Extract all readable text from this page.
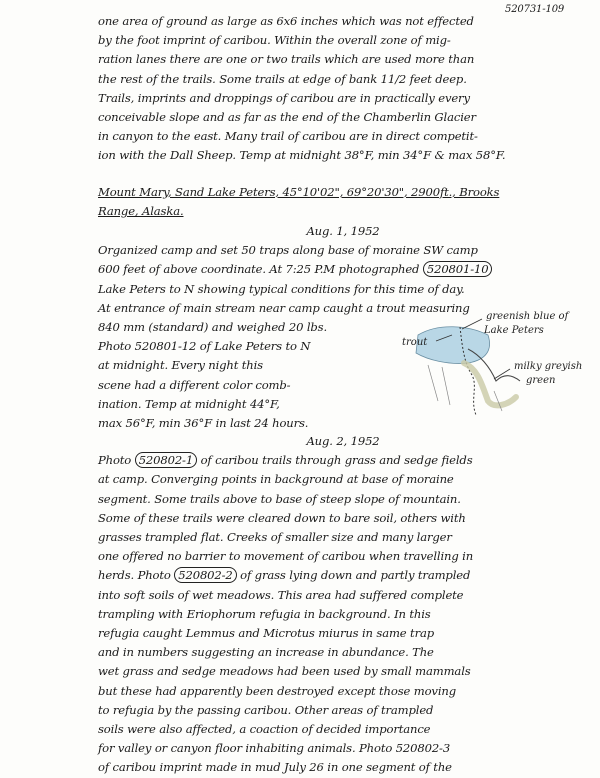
520731-109
one area of ground as large as 6x6 inches which was not effected
by the foot imprint of caribou. Within the overall zone of mig-
ration lanes there are one or two trails which are used more than
the rest of the trails. Some trails at edge of bank 11/2 feet deep.
Trails, imprints and droppings of caribou are in practically every
conceivable slope and as far as the end of the Chamberlin Glacier
in canyon to the east. Many trail of caribou are in direct competit-
ion with the Dall Sheep. Temp at midnight 38°F, min 34°F & max 58°F.
Mount Mary, Sand Lake Peters, 45°10'02", 69°20'30", 2900ft., Brooks
Range, Alaska.
Aug. 1, 1952
Organized camp and set 50 traps along base of moraine SW camp
600 feet of above coordinate. At 7:25 P.M photographed 520801-10
Lake Peters to N showing typical conditions for this time of day.
At entrance of main stream near camp caught a trout measuring
840 mm (standard) and weighed 20 lbs.
Photo 520801-12 of Lake Peters to N
at midnight. Every night this
scene had a different color comb-
ination. Temp at midnight 44°F,
max 56°F, min 36°F in last 24 hours.
greenish blue of
Lake Peters
trout
milky greyish
green
Aug. 2, 1952
Photo 520802-1 of caribou trails through grass and sedge fields
at camp. Converging points in background at base of moraine
segment. Some trails above to base of steep slope of mountain.
Some of these trails were cleared down to bare soil, others with
grasses trampled flat. Creeks of smaller size and many larger
one offered no barrier to movement of caribou when travelling in
herds. Photo 520802-2 of grass lying down and partly trampled
into soft soils of wet meadows. This area had suffered complete
trampling with Eriophorum refugia in background. In this
refugia caught Lemmus and Microtus miurus in same trap
and in numbers suggesting an increase in abundance. The
wet grass and sedge meadows had been used by small mammals
but these had apparently been destroyed except those moving
to refugia by the passing caribou. Other areas of trampled
soils were also affected, a coaction of decided importance
for valley or canyon floor inhabiting animals. Photo 520802-3
of caribou imprint made in mud July 26 in one segment of the
